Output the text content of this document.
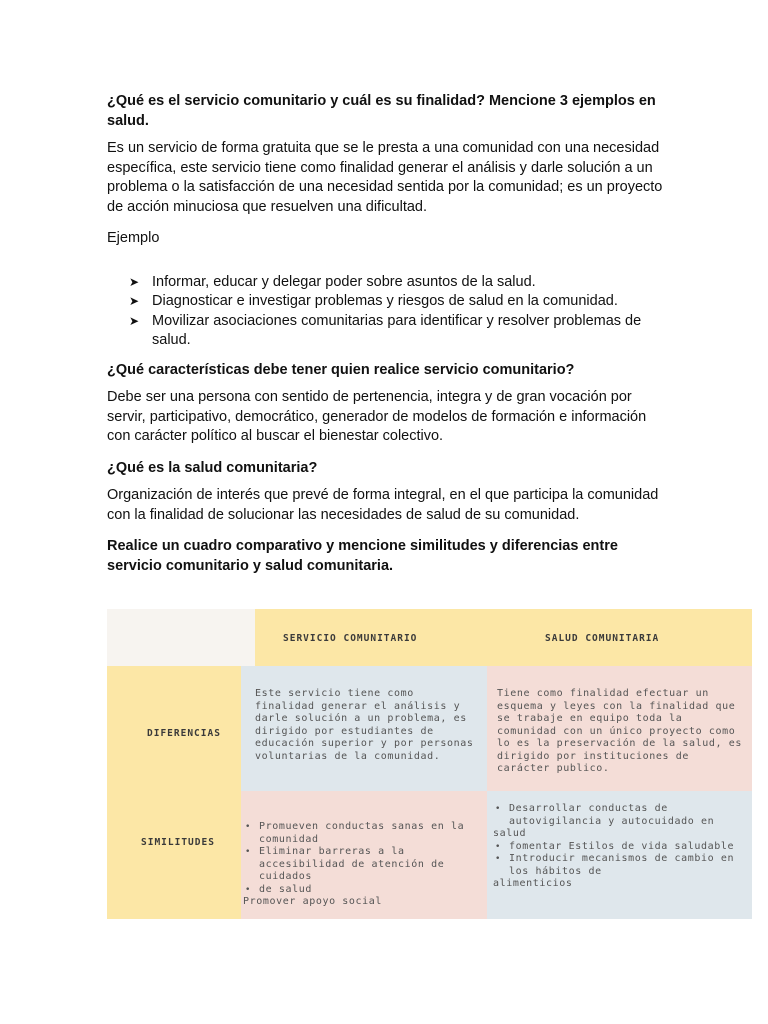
¿Qué es el servicio comunitario y cuál es su finalidad? Mencione 3 ejemplos en salud.

Es un servicio de forma gratuita que se le presta a una comunidad con una necesidad específica, este servicio tiene como finalidad generar el análisis y darle solución a un problema o la satisfacción de una necesidad sentida por la comunidad; es un proyecto de acción minuciosa que resuelven una dificultad.

Ejemplo

➤ Informar, educar y delegar poder sobre asuntos de la salud.
➤ Diagnosticar e investigar problemas y riesgos de salud en la comunidad.
➤ Movilizar asociaciones comunitarias para identificar y resolver problemas de salud.

¿Qué características debe tener quien realice servicio comunitario?

Debe ser una persona con sentido de pertenencia, integra y de gran vocación por servir, participativo, democrático, generador de modelos de formación e información con carácter político al buscar el bienestar colectivo.

¿Qué es la salud comunitaria?

Organización de interés que prevé de forma integral, en el que participa la comunidad con la finalidad de solucionar las necesidades de salud de su comunidad.

Realice un cuadro comparativo y mencione similitudes y diferencias entre servicio comunitario y salud comunitaria.

SERVICIO COMUNITARIO	SALUD COMUNITARIA
DIFERENCIAS
SIMILITUDES
Este servicio tiene como finalidad generar el análisis y darle solución a un problema, es dirigido por estudiantes de educación superior y por personas voluntarias de la comunidad.
Tiene como finalidad efectuar un esquema y leyes con la finalidad que se trabaje en equipo toda la comunidad con un único proyecto como lo es la preservación de la salud, es dirigido por instituciones de carácter publico.
• Promueven conductas sanas en la comunidad
• Eliminar barreras a la accesibilidad de atención de cuidados
• de salud
Promover apoyo social
• Desarrollar conductas de autovigilancia y autocuidado en
salud
• fomentar Estilos de vida saludable
• Introducir mecanismos de cambio en los hábitos de
alimenticios
